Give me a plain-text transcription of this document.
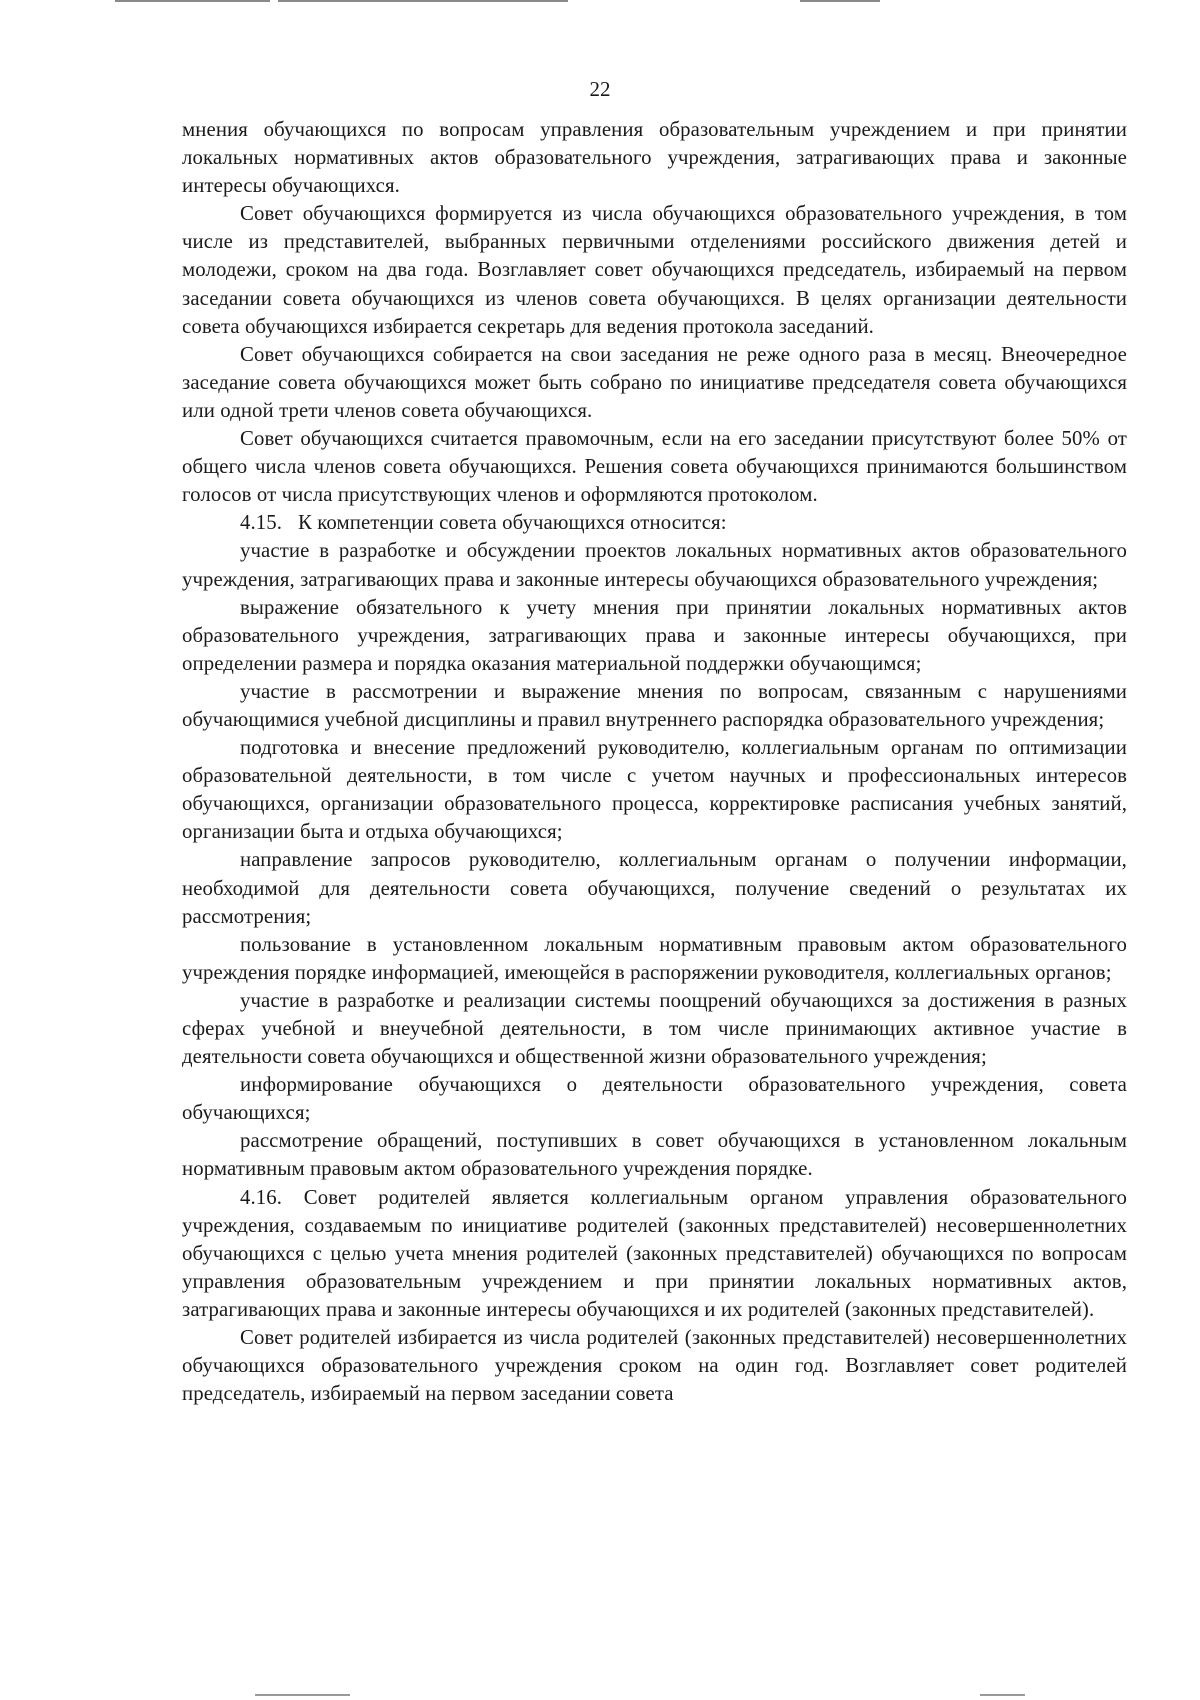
22

мнения обучающихся по вопросам управления образовательным учреждением и при принятии локальных нормативных актов образовательного учреждения, затрагивающих права и законные интересы обучающихся.

Совет обучающихся формируется из числа обучающихся образовательного учреждения, в том числе из представителей, выбранных первичными отделениями российского движения детей и молодежи, сроком на два года. Возглавляет совет обучающихся председатель, избираемый на первом заседании совета обучающихся из членов совета обучающихся. В целях организации деятельности совета обучающихся избирается секретарь для ведения протокола заседаний.

Совет обучающихся собирается на свои заседания не реже одного раза в месяц. Внеочередное заседание совета обучающихся может быть собрано по инициативе председателя совета обучающихся или одной трети членов совета обучающихся.

Совет обучающихся считается правомочным, если на его заседании присутствуют более 50% от общего числа членов совета обучающихся. Решения совета обучающихся принимаются большинством голосов от числа присутствующих членов и оформляются протоколом.

4.15.   К компетенции совета обучающихся относится:

участие в разработке и обсуждении проектов локальных нормативных актов образовательного учреждения, затрагивающих права и законные интересы обучающихся образовательного учреждения;

выражение обязательного к учету мнения при принятии локальных нормативных актов образовательного учреждения, затрагивающих права и законные интересы обучающихся, при определении размера и порядка оказания материальной поддержки обучающимся;

участие в рассмотрении и выражение мнения по вопросам, связанным с нарушениями обучающимися учебной дисциплины и правил внутреннего распорядка образовательного учреждения;

подготовка и внесение предложений руководителю, коллегиальным органам по оптимизации образовательной деятельности, в том числе с учетом научных и профессиональных интересов обучающихся, организации образовательного процесса, корректировке расписания учебных занятий, организации быта и отдыха обучающихся;

направление запросов руководителю, коллегиальным органам о получении информации, необходимой для деятельности совета обучающихся, получение сведений о результатах их рассмотрения;

пользование в установленном локальным нормативным правовым актом образовательного учреждения порядке информацией, имеющейся в распоряжении руководителя, коллегиальных органов;

участие в разработке и реализации системы поощрений обучающихся за достижения в разных сферах учебной и внеучебной деятельности, в том числе принимающих активное участие в деятельности совета обучающихся и общественной жизни образовательного учреждения;

информирование обучающихся о деятельности образовательного учреждения, совета обучающихся;

рассмотрение обращений, поступивших в совет обучающихся в установленном локальным нормативным правовым актом образовательного учреждения порядке.

4.16. Совет родителей является коллегиальным органом управления образовательного учреждения, создаваемым по инициативе родителей (законных представителей) несовершеннолетних обучающихся с целью учета мнения родителей (законных представителей) обучающихся по вопросам управления образовательным учреждением и при принятии локальных нормативных актов, затрагивающих права и законные интересы обучающихся и их родителей (законных представителей).

Совет родителей избирается из числа родителей (законных представителей) несовершеннолетних обучающихся образовательного учреждения сроком на один год. Возглавляет совет родителей председатель, избираемый на первом заседании совета
